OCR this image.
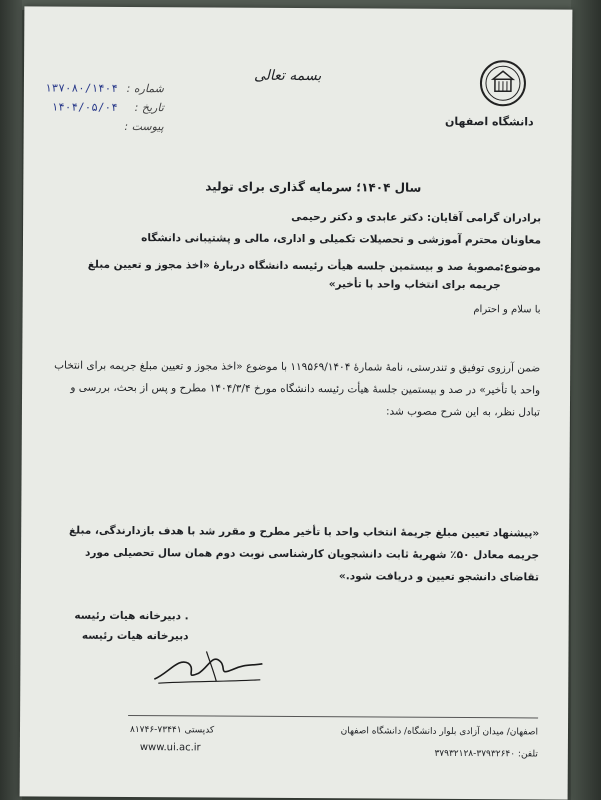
دانشگاه اصفهان
بسمه تعالی
شماره :
۱۳۷۰۸۰/۱۴۰۴
تاریخ :
۱۴۰۴/۰۵/۰۴
پیوست :
سال ۱۴۰۴؛ سرمایه گذاری برای تولید
برادران گرامی آقایان: دکتر عابدی و دکتر رحیمی
معاونان محترم آموزشی و تحصیلات تکمیلی و اداری، مالی و پشتیبانی دانشگاه
موضوع:
مصوبهٔ صد و بیستمین جلسه هیأت رئیسه دانشگاه دربارهٔ «اخذ مجوز و تعیین مبلغ جریمه برای انتخاب واحد با تأخیر»
با سلام و احترام
ضمن آرزوی توفیق و تندرستی، نامهٔ شمارهٔ ۱۱۹۵۶۹/۱۴۰۴ با موضوع «اخذ مجوز و تعیین مبلغ جریمه برای انتخاب واحد با تأخیر» در صد و بیستمین جلسهٔ هیأت رئیسه دانشگاه مورخ ۱۴۰۴/۳/۴ مطرح و پس از بحث، بررسی و تبادل نظر، به این شرح مصوب شد:
«پیشنهاد تعیین مبلغ جریمهٔ انتخاب واحد با تأخیر مطرح و مقرر شد با هدف بازدارندگی، مبلغ جریمه معادل ۵۰٪ شهریهٔ ثابت دانشجویان کارشناسی نوبت دوم همان سال تحصیلی مورد تقاضای دانشجو تعیین و دریافت شود.»
. دبیرخانه هیات رئیسه
دبیرخانه هیات رئیسه
اصفهان/ میدان آزادی بلوار دانشگاه/ دانشگاه اصفهان
کدپستی ۷۳۴۴۱-۸۱۷۴۶
تلفن: ۳۷۹۳۲۶۴۰-۳۷۹۳۲۱۲۸
www.ui.ac.ir
